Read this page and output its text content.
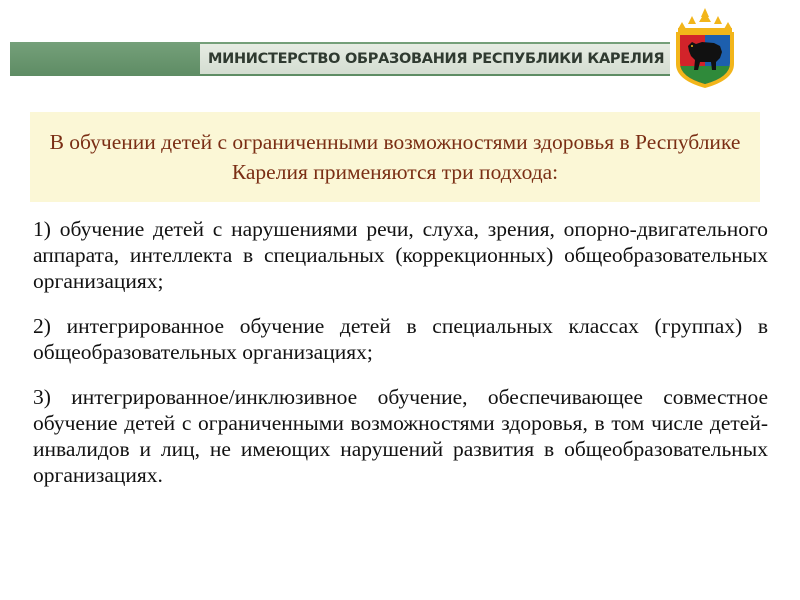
МИНИСТЕРСТВО ОБРАЗОВАНИЯ РЕСПУБЛИКИ КАРЕЛИЯ

В обучении детей с ограниченными возможностями здоровья в Республике Карелия применяются три подхода:

1) обучение детей с нарушениями речи, слуха, зрения, опорно-двигательного аппарата, интеллекта в специальных (коррекционных) общеобразовательных организациях;

2) интегрированное обучение детей в специальных классах (группах) в общеобразовательных организациях;

3) интегрированное/инклюзивное обучение, обеспечивающее совместное обучение детей с ограниченными возможностями здоровья, в том числе детей-инвалидов и лиц, не имеющих нарушений развития в общеобразовательных организациях.
